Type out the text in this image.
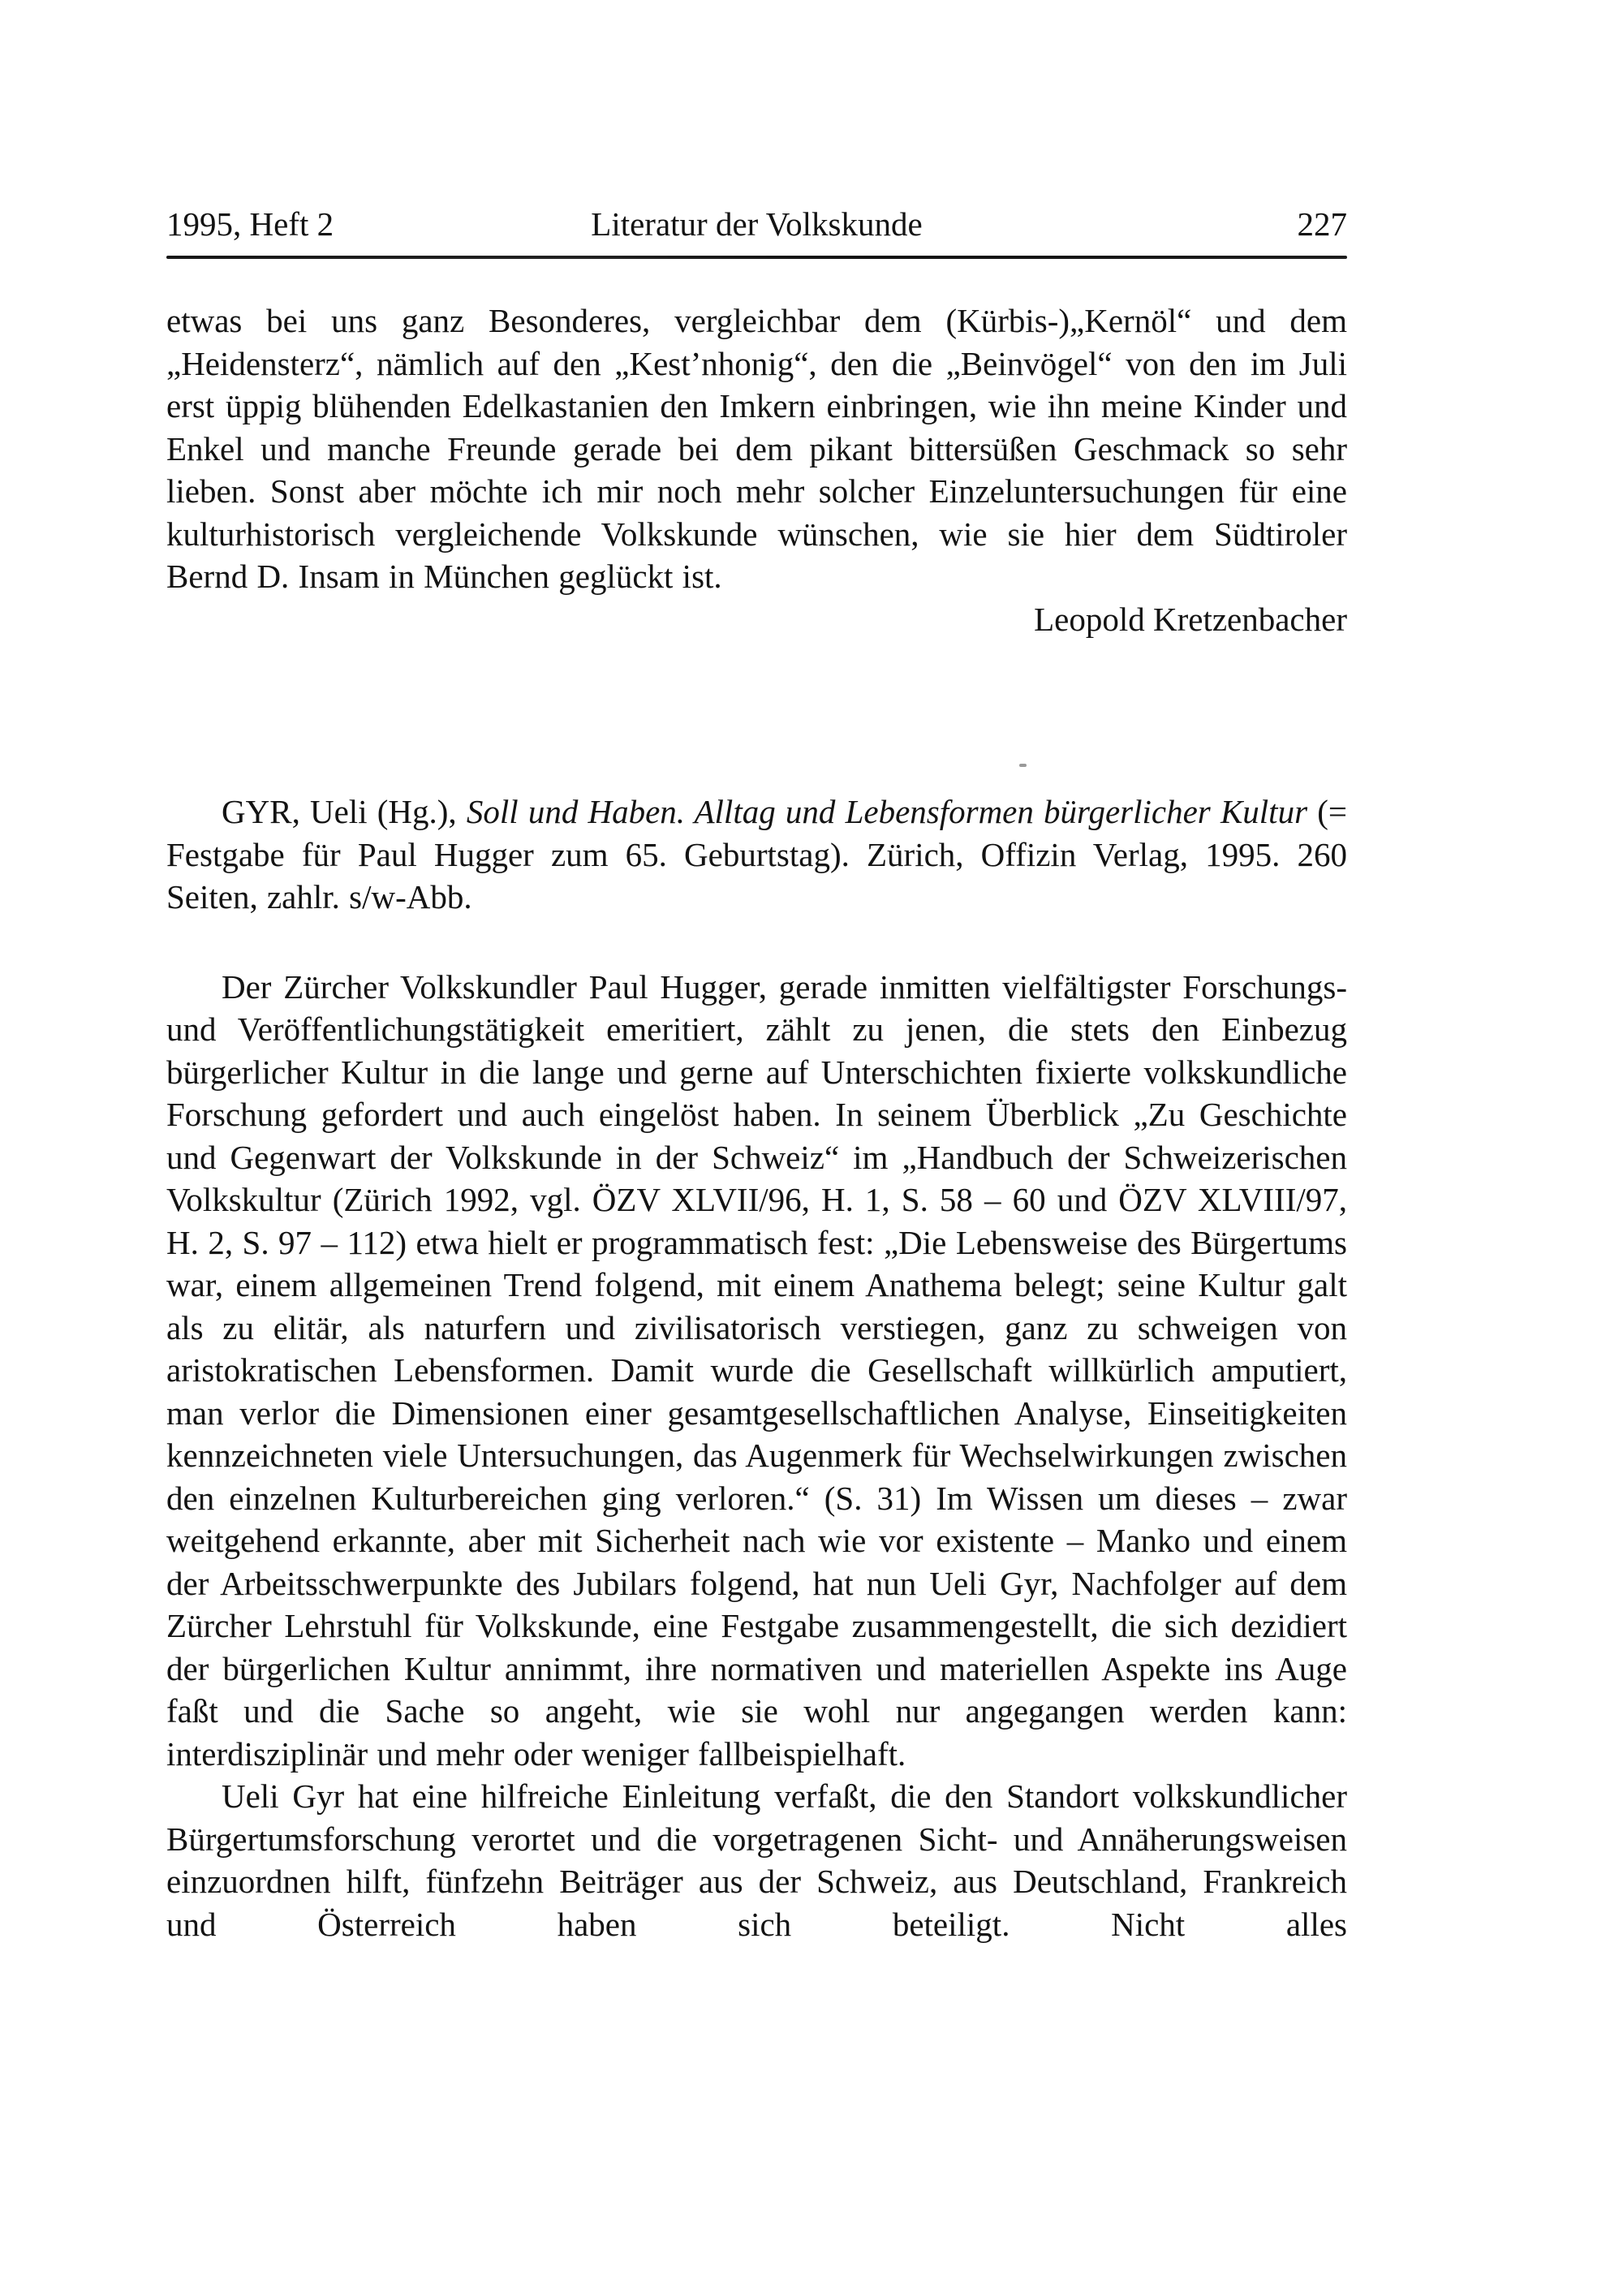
1995, Heft 2	Literatur der Volkskunde	227

etwas bei uns ganz Besonderes, vergleichbar dem (Kürbis-)„Kernöl“ und dem „Heidensterz“, nämlich auf den „Kest’nhonig“, den die „Beinvögel“ von den im Juli erst üppig blühenden Edelkastanien den Imkern einbringen, wie ihn meine Kinder und Enkel und manche Freunde gerade bei dem pikant bittersüßen Geschmack so sehr lieben. Sonst aber möchte ich mir noch mehr solcher Einzeluntersuchungen für eine kulturhistorisch vergleichende Volkskunde wünschen, wie sie hier dem Südtiroler Bernd D. Insam in München geglückt ist.

Leopold Kretzenbacher

GYR, Ueli (Hg.), Soll und Haben. Alltag und Lebensformen bürgerlicher Kultur (= Festgabe für Paul Hugger zum 65. Geburtstag). Zürich, Offizin Verlag, 1995. 260 Seiten, zahlr. s/w-Abb.

Der Zürcher Volkskundler Paul Hugger, gerade inmitten vielfältigster Forschungs- und Veröffentlichungstätigkeit emeritiert, zählt zu jenen, die stets den Einbezug bürgerlicher Kultur in die lange und gerne auf Unterschichten fixierte volkskundliche Forschung gefordert und auch eingelöst haben. In seinem Überblick „Zu Geschichte und Gegenwart der Volkskunde in der Schweiz“ im „Handbuch der Schweizerischen Volkskultur (Zürich 1992, vgl. ÖZV XLVII/96, H. 1, S. 58 – 60 und ÖZV XLVIII/97, H. 2, S. 97 – 112) etwa hielt er programmatisch fest: „Die Lebensweise des Bürgertums war, einem allgemeinen Trend folgend, mit einem Anathema belegt; seine Kultur galt als zu elitär, als naturfern und zivilisatorisch verstiegen, ganz zu schweigen von aristokratischen Lebensformen. Damit wurde die Gesellschaft willkürlich amputiert, man verlor die Dimensionen einer gesamtgesellschaftlichen Analyse, Einseitigkeiten kennzeichneten viele Untersuchungen, das Augenmerk für Wechselwirkungen zwischen den einzelnen Kulturbereichen ging verloren.“ (S. 31) Im Wissen um dieses – zwar weitgehend erkannte, aber mit Sicherheit nach wie vor existente – Manko und einem der Arbeitsschwerpunkte des Jubilars folgend, hat nun Ueli Gyr, Nachfolger auf dem Zürcher Lehrstuhl für Volkskunde, eine Festgabe zusammengestellt, die sich dezidiert der bürgerlichen Kultur annimmt, ihre normativen und materiellen Aspekte ins Auge faßt und die Sache so angeht, wie sie wohl nur angegangen werden kann: interdisziplinär und mehr oder weniger fallbeispielhaft.

Ueli Gyr hat eine hilfreiche Einleitung verfaßt, die den Standort volkskundlicher Bürgertumsforschung verortet und die vorgetragenen Sicht- und Annäherungsweisen einzuordnen hilft, fünfzehn Beiträger aus der Schweiz, aus Deutschland, Frankreich und Österreich haben sich beteiligt. Nicht alles
